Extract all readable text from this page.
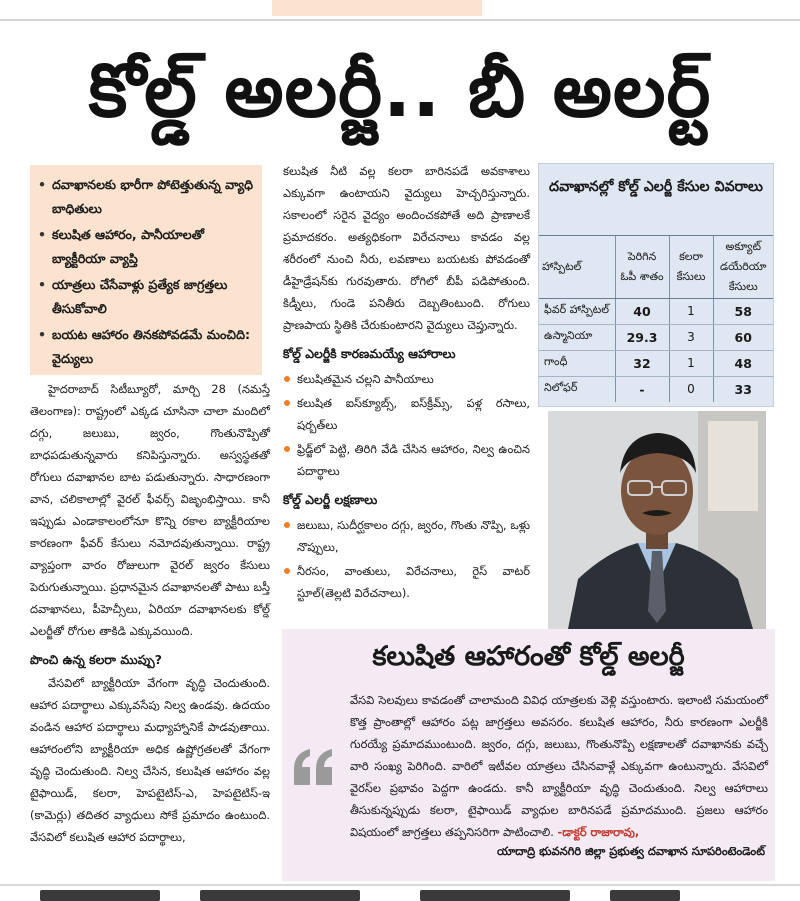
కోల్డ్ అలర్జీ.. బీ అలర్ట్
• దవాఖానలకు భారీగా పోటెత్తుతున్న వ్యాధి బాధితులు
• కలుషిత ఆహారం, పానీయాలతో బ్యాక్టీరియా వ్యాప్తి
• యాత్రలు చేసేవాళ్లు ప్రత్యేక జాగ్రత్తలు తీసుకోవాలి
• బయట ఆహారం తినకపోవడమే మంచిది: వైద్యులు

హైదరాబాద్ సిటీబ్యూరో, మార్చి 28 (నమస్తే తెలంగాణ): రాష్ట్రంలో ఎక్కడ చూసినా చాలా మందిలో దగ్గు, జలుబు, జ్వరం, గొంతునొప్పితో బాధపడుతున్నవారు కనిపిస్తున్నారు. అస్వస్థతతో రోగులు దవాఖానల బాట పడుతున్నారు. సాధారణంగా వాన, చలికాలాల్లో వైరల్ ఫీవర్స్ విజృంభిస్తాయి. కానీ ఇప్పుడు ఎండాకాలంలోనూ కొన్ని రకాల బ్యాక్టీరియాల కారణంగా ఫీవర్ కేసులు నమోదవుతున్నాయి. రాష్ట్ర వ్యాప్తంగా వారం రోజులుగా వైరల్ జ్వరం కేసులు పెరుగుతున్నాయి. ప్రధానమైన దవాఖానలతో పాటు బస్తీ దవాఖానలు, పీహెచ్సీలు, ఏరియా దవాఖానలకు కోల్డ్ ఎలర్జీతో రోగుల తాకిడి ఎక్కువయింది.

పొంచి ఉన్న కలరా ముప్పు?

వేసవిలో బ్యాక్టీరియా వేగంగా వృద్ధి చెందుతుంది. ఆహార పదార్థాలు ఎక్కువసేపు నిల్వ ఉండవు. ఉదయం వండిన ఆహార పదార్థాలు మధ్యాహ్నానికే పాడవుతాయి. ఆహారంలోని బ్యాక్టీరియా అధిక ఉష్ణోగ్రతలతో వేగంగా వృద్ధి చెందుతుంది. నిల్వ చేసిన, కలుషిత ఆహారం వల్ల టైఫాయిడ్, కలరా, హెపటైటిస్-ఎ, హెపటైటిస్-ఇ (కామెర్లు) తదితర వ్యాధులు సోకే ప్రమాదం ఉంటుంది. వేసవిలో కలుషిత ఆహార పదార్థాలు,

కలుషిత నీటి వల్ల కలరా బారినపడే అవకాశాలు ఎక్కువగా ఉంటాయని వైద్యులు హెచ్చరిస్తున్నారు. సకాలంలో సరైన వైద్యం అందించకపోతే అది ప్రాణాలకే ప్రమాదకరం. అత్యధికంగా విరేచనాలు కావడం వల్ల శరీరంలో నుంచి నీరు, లవణాలు బయటకు పోవడంతో డీహైడ్రేషన్‌కు గురవుతారు. రోగిలో బీపీ పడిపోతుంది. కిడ్నీలు, గుండె పనితీరు దెబ్బతింటుంది. రోగులు ప్రాణపాయ స్థితికి చేరుకుంటారని వైద్యులు చెప్తున్నారు.

కోల్డ్ ఎలర్జీకి కారణమయ్యే ఆహారాలు

కలుషితమైన చల్లని పానీయాలు
కలుషిత ఐస్‌క్యూబ్స్, ఐస్‌క్రీమ్స్, పళ్ల రసాలు, షర్బత్‌లు
ఫ్రిడ్జ్‌లో పెట్టి, తిరిగి వేడి చేసిన ఆహారం, నిల్వ ఉంచిన పదార్థాలు

కోల్డ్ ఎలర్జీ లక్షణాలు

జలుబు, సుదీర్ఘకాలం దగ్గు, జ్వరం, గొంతు నొప్పి, ఒళ్లు నొప్పులు,
నీరసం, వాంతులు, విరేచనాలు, రైస్ వాటర్ స్టూల్(తెల్లటి విరేచనాలు).
దవాఖానల్లో కోల్డ్ ఎలర్జీ కేసుల వివరాలు
హాస్పిటల్	పెరిగిన ఓపీ శాతం	కలరా కేసులు	అక్యూట్ డయేరియా కేసులు
ఫీవర్ హాస్పిటల్	40	1	58
ఉస్మానియా	29.3	3	60
గాంధీ	32	1	48
నిలోఫర్	-	0	33
కలుషిత ఆహారంతో కోల్డ్ అలర్జీ

వేసవి సెలవులు కావడంతో చాలామంది వివిధ యాత్రలకు వెళ్లి వస్తుంటారు. ఇలాంటి సమయంలో కొత్త ప్రాంతాల్లో ఆహారం పట్ల జాగ్రత్తలు అవసరం. కలుషిత ఆహారం, నీరు కారణంగా ఎలర్జీకి గురయ్యే ప్రమాదముంటుంది. జ్వరం, దగ్గు, జలుబు, గొంతునొప్పి లక్షణాలతో దవాఖానకు వచ్చే వారి సంఖ్య పెరిగింది. వారిలో ఇటీవల యాత్రలు చేసినవాళ్లే ఎక్కువగా ఉంటున్నారు. వేసవిలో వైరస్‌ల ప్రభావం పెద్దగా ఉండదు. కానీ బ్యాక్టీరియా వృద్ధి చెందుతుంది. నిల్వ ఆహారాలు తీసుకున్నప్పుడు కలరా, టైఫాయిడ్ వ్యాధుల బారినపడే ప్రమాదముంది. ప్రజలు ఆహారం విషయంలో జాగ్రత్తలు తప్పనిసరిగా పాటించాలి. -డాక్టర్ రాజారావు,

యాదాద్రి భువనగిరి జిల్లా ప్రభుత్వ దవాఖాన సూపరింటెండెంట్
